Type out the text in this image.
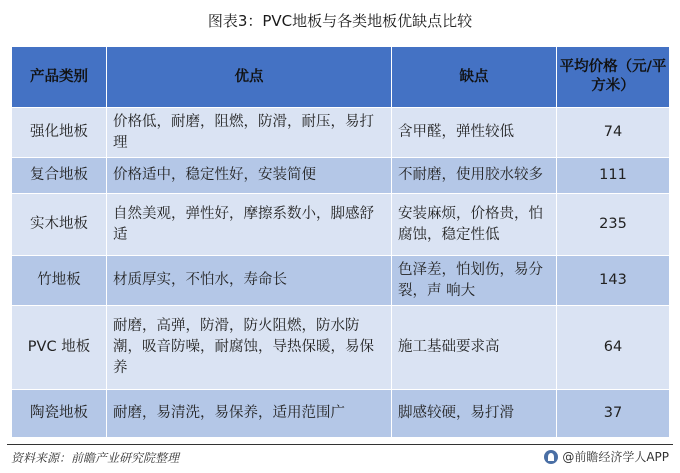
图表3：PVC地板与各类地板优缺点比较
产品类别	优点	缺点	平均价格（元/平方米）
强化地板	价格低，耐磨，阻燃，防滑，耐压，易打理	含甲醛，弹性较低	74
复合地板	价格适中，稳定性好，安装简便	不耐磨，使用胶水较多	111
实木地板	自然美观，弹性好，摩擦系数小，脚感舒适	安装麻烦，价格贵，怕腐蚀，稳定性低	235
竹地板	材质厚实，不怕水，寿命长	色泽差，怕划伤，易分裂，声 响大	143
PVC 地板	耐磨，高弹，防滑，防火阻燃，防水防潮，吸音防噪，耐腐蚀，导热保暖，易保养	施工基础要求高	64
陶瓷地板	耐磨，易清洗，易保养，适用范围广	脚感较硬，易打滑	37
资料来源：前瞻产业研究院整理	@前瞻经济学人APP
